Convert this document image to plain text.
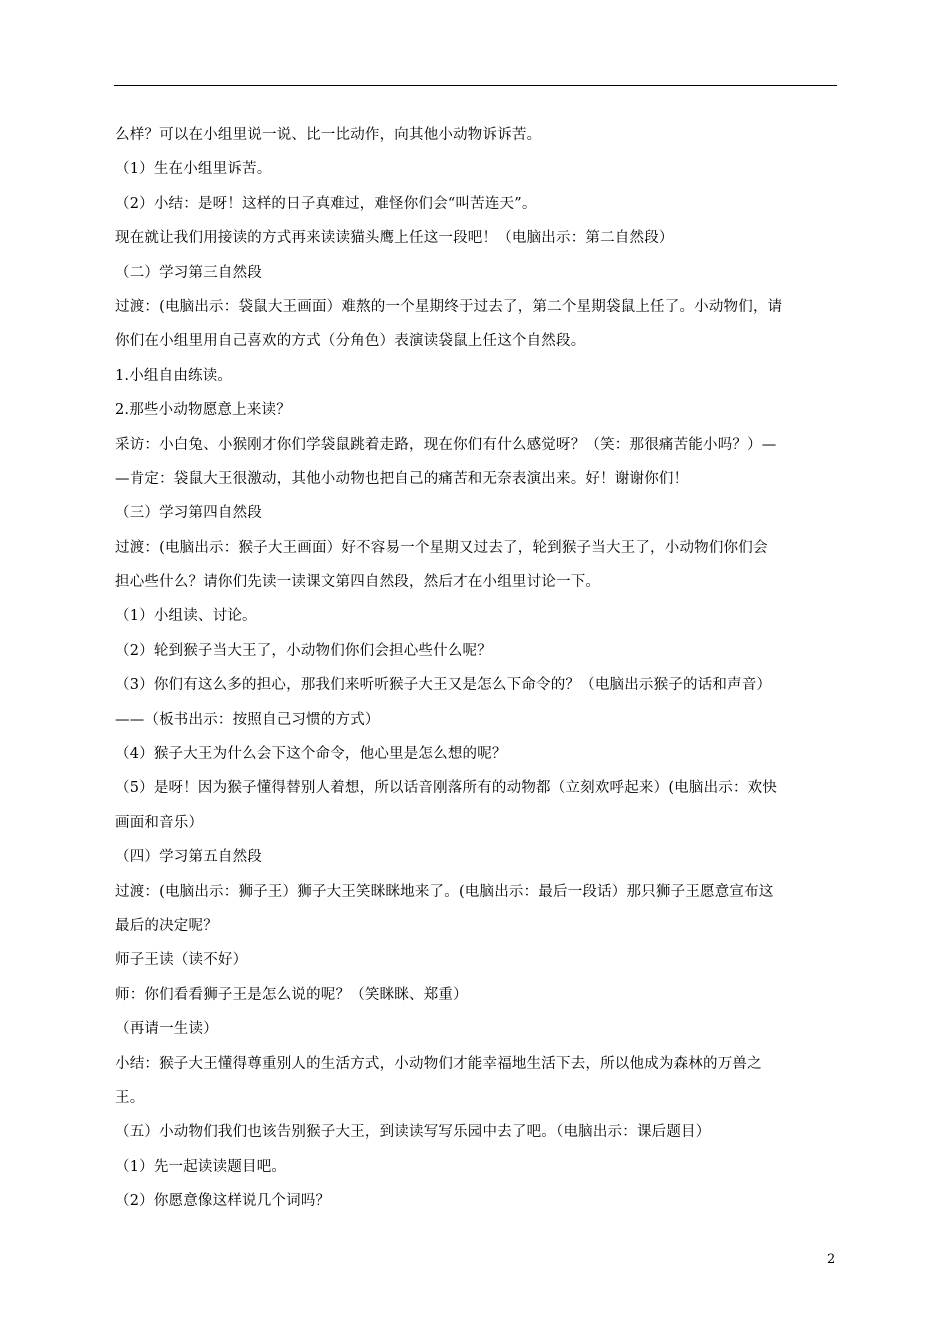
么样？可以在小组里说一说、比一比动作，向其他小动物诉诉苦。
（1）生在小组里诉苦。
（2）小结：是呀！这样的日子真难过，难怪你们会“叫苦连天”。
现在就让我们用接读的方式再来读读猫头鹰上任这一段吧！（电脑出示：第二自然段）
（二）学习第三自然段
过渡：(电脑出示：袋鼠大王画面）难熬的一个星期终于过去了，第二个星期袋鼠上任了。小动物们，请
你们在小组里用自己喜欢的方式（分角色）表演读袋鼠上任这个自然段。
1.小组自由练读。
2.那些小动物愿意上来读？
采访：小白兔、小猴刚才你们学袋鼠跳着走路，现在你们有什么感觉呀？（笑：那很痛苦能小吗？）—
—肯定：袋鼠大王很激动，其他小动物也把自己的痛苦和无奈表演出来。好！谢谢你们！
（三）学习第四自然段
过渡：(电脑出示：猴子大王画面）好不容易一个星期又过去了，轮到猴子当大王了，小动物们你们会
担心些什么？请你们先读一读课文第四自然段，然后才在小组里讨论一下。
（1）小组读、讨论。
（2）轮到猴子当大王了，小动物们你们会担心些什么呢？
（3）你们有这么多的担心，那我们来听听猴子大王又是怎么下命令的？（电脑出示猴子的话和声音）
——（板书出示：按照自己习惯的方式）
（4）猴子大王为什么会下这个命令，他心里是怎么想的呢？
（5）是呀！因为猴子懂得替别人着想，所以话音刚落所有的动物都（立刻欢呼起来）(电脑出示：欢快
画面和音乐）
（四）学习第五自然段
过渡：(电脑出示：狮子王）狮子大王笑眯眯地来了。(电脑出示：最后一段话）那只狮子王愿意宣布这
最后的决定呢？
师子王读（读不好）
师：你们看看狮子王是怎么说的呢？（笑眯眯、郑重）
（再请一生读）
小结：猴子大王懂得尊重别人的生活方式，小动物们才能幸福地生活下去，所以他成为森林的万兽之
王。
（五）小动物们我们也该告别猴子大王，到读读写写乐园中去了吧。（电脑出示：课后题目）
（1）先一起读读题目吧。
（2）你愿意像这样说几个词吗？
2
